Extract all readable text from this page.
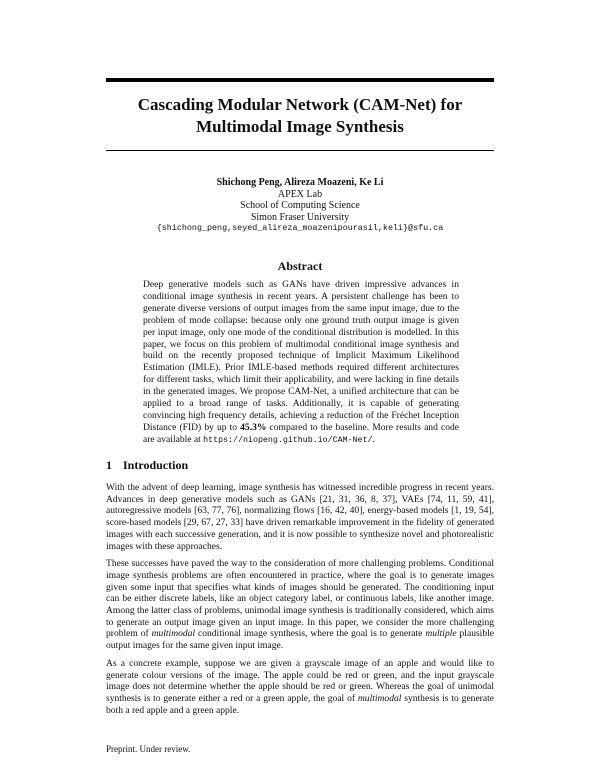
Cascading Modular Network (CAM-Net) for
Multimodal Image Synthesis
Shichong Peng, Alireza Moazeni, Ke Li
APEX Lab
School of Computing Science
Simon Fraser University
{shichong_peng,seyed_alireza_moazenipourasil,keli}@sfu.ca
Abstract
Deep generative models such as GANs have driven impressive advances in conditional image synthesis in recent years. A persistent challenge has been to generate diverse versions of output images from the same input image, due to the problem of mode collapse: because only one ground truth output image is given per input image, only one mode of the conditional distribution is modelled. In this paper, we focus on this problem of multimodal conditional image synthesis and build on the recently proposed technique of Implicit Maximum Likelihood Estimation (IMLE). Prior IMLE-based methods required different architectures for different tasks, which limit their applicability, and were lacking in fine details in the generated images. We propose CAM-Net, a unified architecture that can be applied to a broad range of tasks. Additionally, it is capable of generating convincing high frequency details, achieving a reduction of the Fréchet Inception Distance (FID) by up to 45.3% compared to the baseline. More results and code are available at https://niopeng.github.io/CAM-Net/.
1 Introduction

With the advent of deep learning, image synthesis has witnessed incredible progress in recent years. Advances in deep generative models such as GANs [21, 31, 36, 8, 37], VAEs [74, 11, 59, 41], autoregressive models [63, 77, 76], normalizing flows [16, 42, 40], energy-based models [1, 19, 54], score-based models [29, 67, 27, 33] have driven remarkable improvement in the fidelity of generated images with each successive generation, and it is now possible to synthesize novel and photorealistic images with these approaches.

These successes have paved the way to the consideration of more challenging problems. Conditional image synthesis problems are often encountered in practice, where the goal is to generate images given some input that specifies what kinds of images should be generated. The conditioning input can be either discrete labels, like an object category label, or continuous labels, like another image. Among the latter class of problems, unimodal image synthesis is traditionally considered, which aims to generate an output image given an input image. In this paper, we consider the more challenging problem of multimodal conditional image synthesis, where the goal is to generate multiple plausible output images for the same given input image.

As a concrete example, suppose we are given a grayscale image of an apple and would like to generate colour versions of the image. The apple could be red or green, and the input grayscale image does not determine whether the apple should be red or green. Whereas the goal of unimodal synthesis is to generate either a red or a green apple, the goal of multimodal synthesis is to generate both a red apple and a green apple.

Preprint. Under review.
